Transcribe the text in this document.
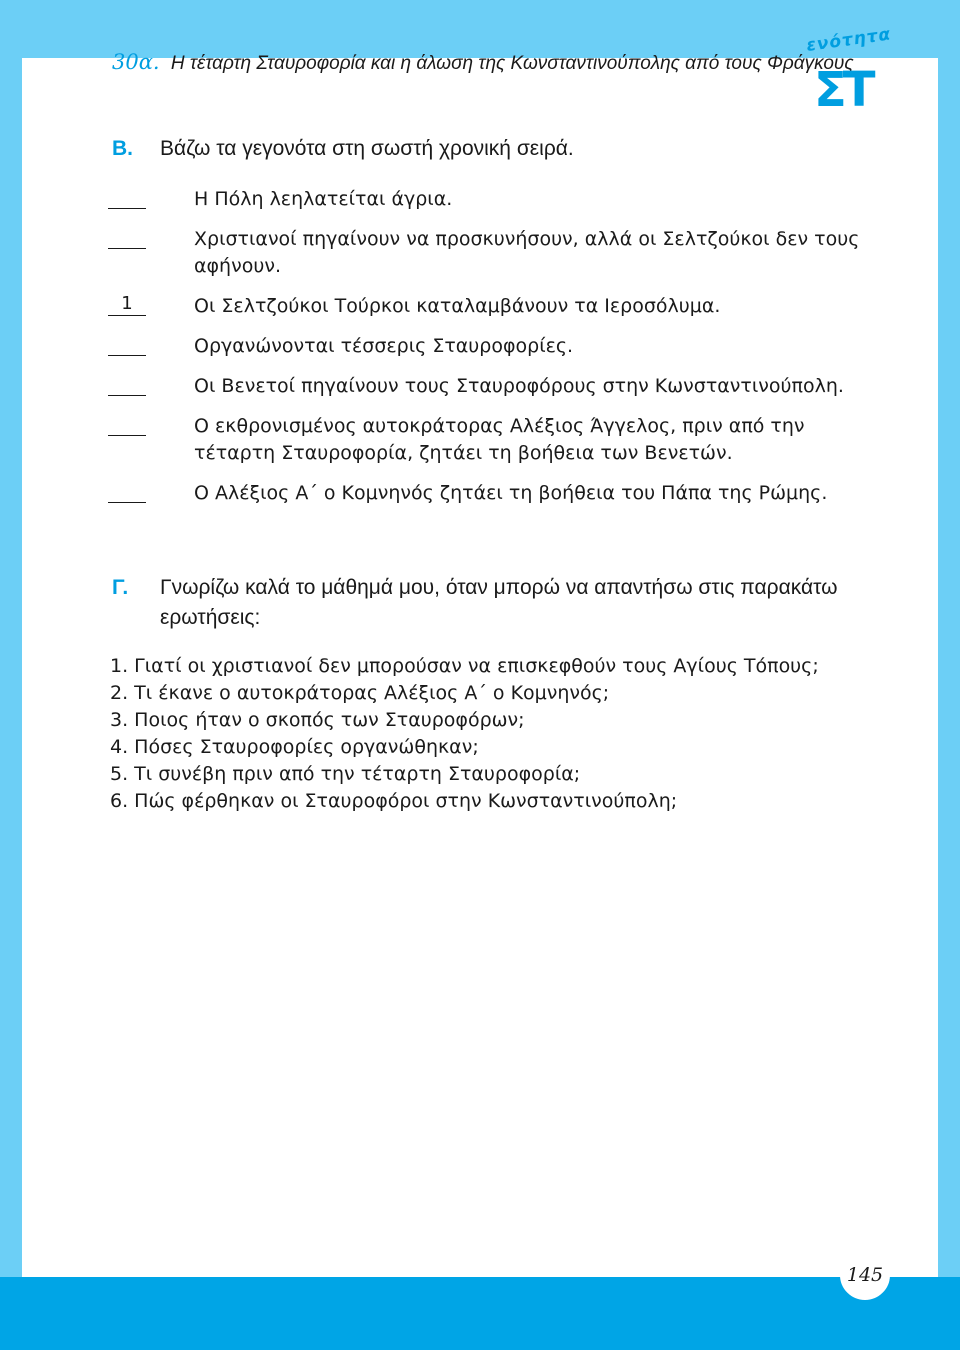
30α. Η τέταρτη Σταυροφορία και η άλωση της Κωνσταντινούπολης από τους Φράγκους
ενότητα
ΣΤ
Β. Βάζω τα γεγονότα στη σωστή χρονική σειρά.
Η Πόλη λεηλατείται άγρια.
Χριστιανοί πηγαίνουν να προσκυνήσουν, αλλά οι Σελτζούκοι δεν τους αφήνουν.
1	Οι Σελτζούκοι Τούρκοι καταλαμβάνουν τα Ιεροσόλυμα.
Οργανώνονται τέσσερις Σταυροφορίες.
Οι Βενετοί πηγαίνουν τους Σταυροφόρους στην Κωνσταντινούπολη.
Ο εκθρονισμένος αυτοκράτορας Αλέξιος Άγγελος, πριν από την τέταρτη Σταυροφορία, ζητάει τη βοήθεια των Βενετών.
Ο Αλέξιος Α΄ ο Κομνηνός ζητάει τη βοήθεια του Πάπα της Ρώμης.
Γ.	Γνωρίζω καλά το μάθημά μου, όταν μπορώ να απαντήσω στις παρακάτω ερωτήσεις:
1. Γιατί οι χριστιανοί δεν μπορούσαν να επισκεφθούν τους Αγίους Τόπους;
2. Τι έκανε ο αυτοκράτορας Αλέξιος Α΄ ο Κομνηνός;
3. Ποιος ήταν ο σκοπός των Σταυροφόρων;
4. Πόσες Σταυροφορίες οργανώθηκαν;
5. Τι συνέβη πριν από την τέταρτη Σταυροφορία;
6. Πώς φέρθηκαν οι Σταυροφόροι στην Κωνσταντινούπολη;
145
